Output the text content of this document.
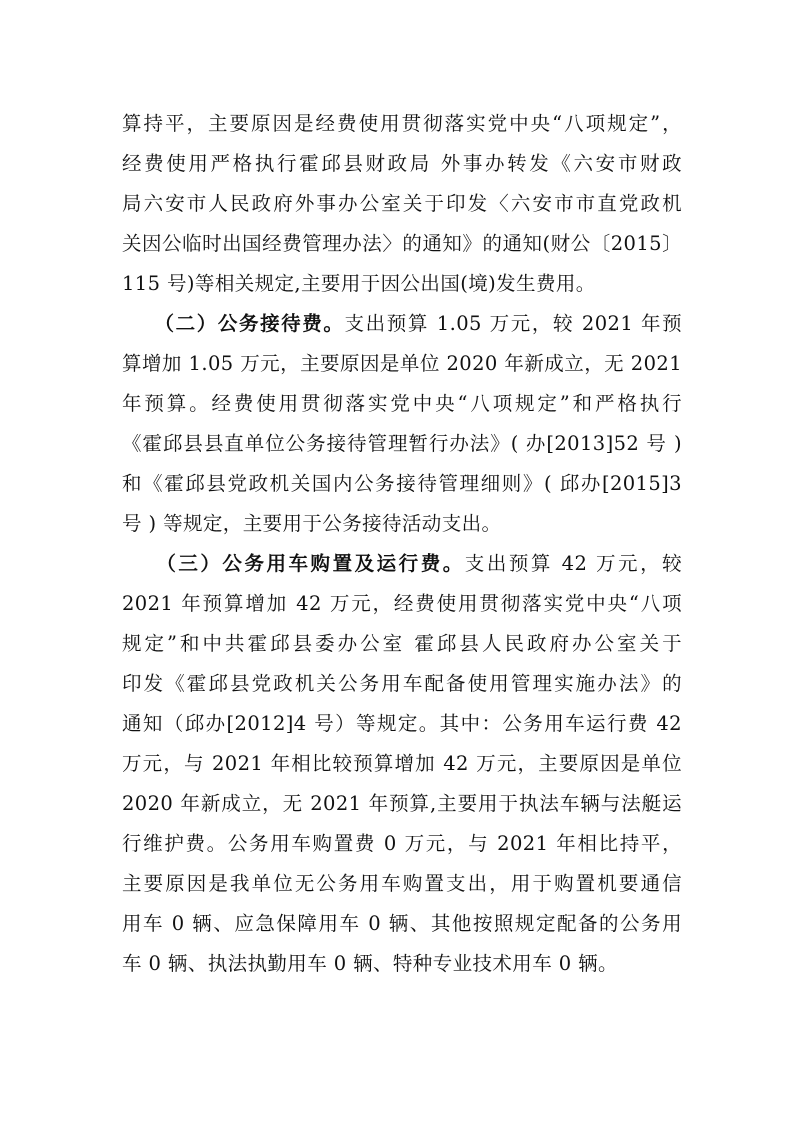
算持平，主要原因是经费使用贯彻落实党中央“八项规定”，
经费使用严格执行霍邱县财政局 外事办转发《六安市财政
局六安市人民政府外事办公室关于印发〈六安市市直党政机
关因公临时出国经费管理办法〉的通知》的通知(财公〔2015〕
115 号)等相关规定,主要用于因公出国(境)发生费用。
　　（二）公务接待费。支出预算 1.05 万元，较 2021 年预
算增加 1.05 万元，主要原因是单位 2020 年新成立，无 2021
年预算。经费使用贯彻落实党中央“八项规定”和严格执行
《霍邱县县直单位公务接待管理暂行办法》( 办[2013]52 号 )
和《霍邱县党政机关国内公务接待管理细则》( 邱办[2015]3
号 ) 等规定，主要用于公务接待活动支出。
　　（三）公务用车购置及运行费。支出预算 42 万元，较
2021 年预算增加 42 万元，经费使用贯彻落实党中央“八项
规定”和中共霍邱县委办公室 霍邱县人民政府办公室关于
印发《霍邱县党政机关公务用车配备使用管理实施办法》的
通知（邱办[2012]4 号）等规定。其中：公务用车运行费 42
万元，与 2021 年相比较预算增加 42 万元，主要原因是单位
2020 年新成立，无 2021 年预算,主要用于执法车辆与法艇运
行维护费。公务用车购置费 0 万元，与 2021 年相比持平，
主要原因是我单位无公务用车购置支出，用于购置机要通信
用车 0 辆、应急保障用车 0 辆、其他按照规定配备的公务用
车 0 辆、执法执勤用车 0 辆、特种专业技术用车 0 辆。
